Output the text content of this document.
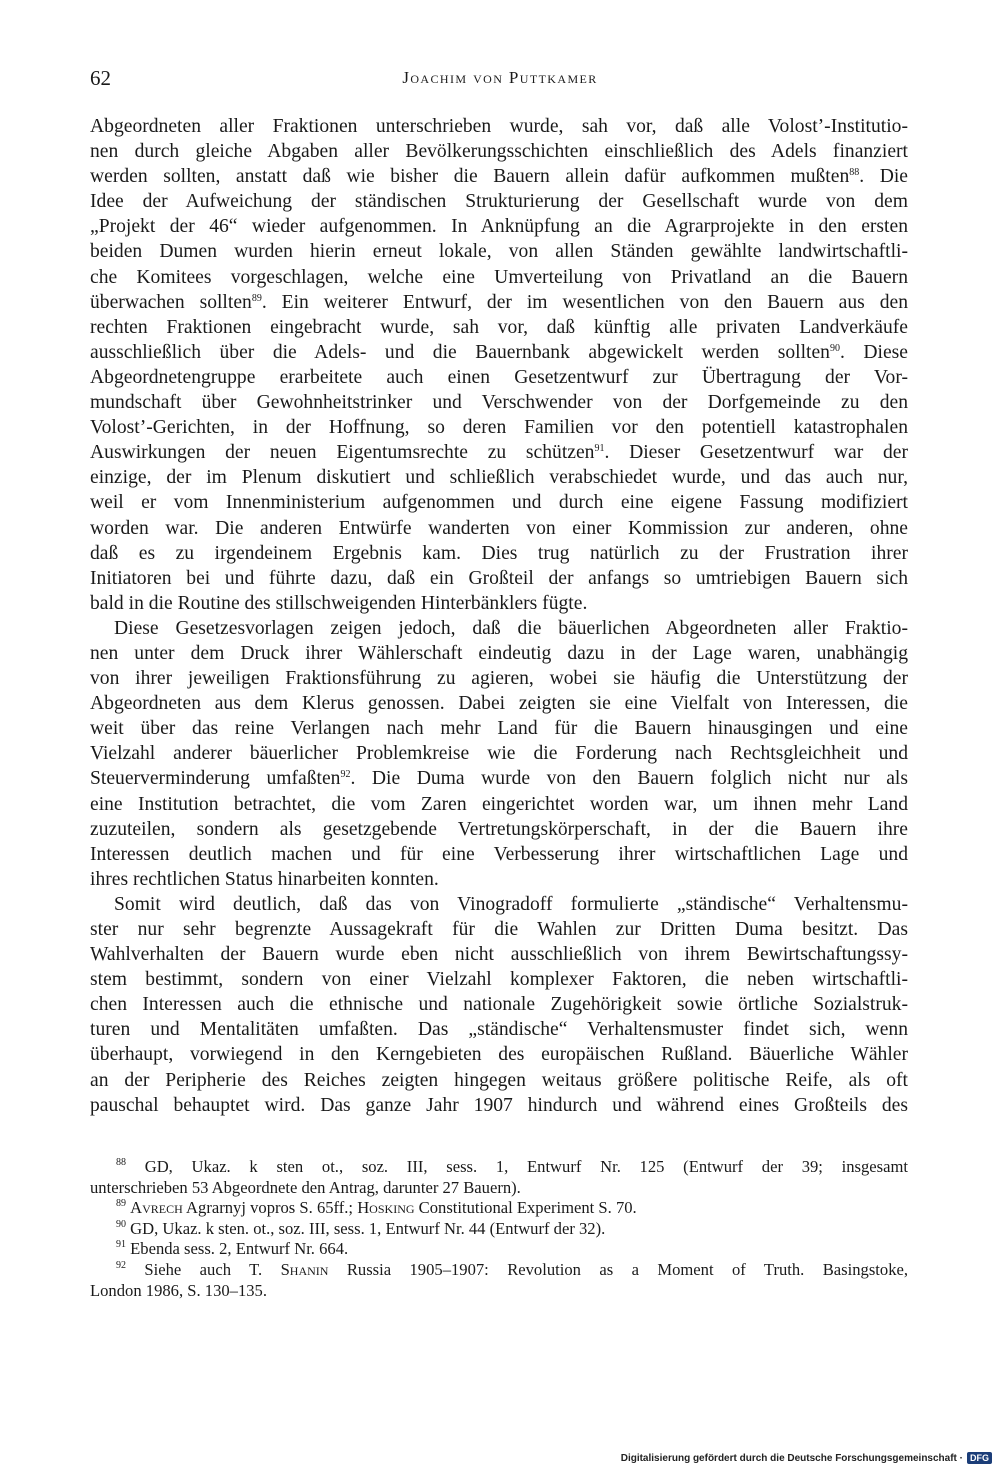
62	Joachim von Puttkamer
Abgeordneten aller Fraktionen unterschrieben wurde, sah vor, daß alle Volost’-Institutio-
nen durch gleiche Abgaben aller Bevölkerungsschichten einschließlich des Adels finanziert
werden sollten, anstatt daß wie bisher die Bauern allein dafür aufkommen mußten$^{88}$. Die
Idee der Aufweichung der ständischen Strukturierung der Gesellschaft wurde von dem
„Projekt der 46“ wieder aufgenommen. In Anknüpfung an die Agrarprojekte in den ersten
beiden Dumen wurden hierin erneut lokale, von allen Ständen gewählte landwirtschaftli-
che Komitees vorgeschlagen, welche eine Umverteilung von Privatland an die Bauern
überwachen sollten$^{89}$. Ein weiterer Entwurf, der im wesentlichen von den Bauern aus den
rechten Fraktionen eingebracht wurde, sah vor, daß künftig alle privaten Landverkäufe
ausschließlich über die Adels- und die Bauernbank abgewickelt werden sollten$^{90}$. Diese
Abgeordnetengruppe erarbeitete auch einen Gesetzentwurf zur Übertragung der Vor-
mundschaft über Gewohnheitstrinker und Verschwender von der Dorfgemeinde zu den
Volost’-Gerichten, in der Hoffnung, so deren Familien vor den potentiell katastrophalen
Auswirkungen der neuen Eigentumsrechte zu schützen$^{91}$. Dieser Gesetzentwurf war der
einzige, der im Plenum diskutiert und schließlich verabschiedet wurde, und das auch nur,
weil er vom Innenministerium aufgenommen und durch eine eigene Fassung modifiziert
worden war. Die anderen Entwürfe wanderten von einer Kommission zur anderen, ohne
daß es zu irgendeinem Ergebnis kam. Dies trug natürlich zu der Frustration ihrer
Initiatoren bei und führte dazu, daß ein Großteil der anfangs so umtriebigen Bauern sich
bald in die Routine des stillschweigenden Hinterbänklers fügte.
Diese Gesetzesvorlagen zeigen jedoch, daß die bäuerlichen Abgeordneten aller Fraktio-
nen unter dem Druck ihrer Wählerschaft eindeutig dazu in der Lage waren, unabhängig
von ihrer jeweiligen Fraktionsführung zu agieren, wobei sie häufig die Unterstützung der
Abgeordneten aus dem Klerus genossen. Dabei zeigten sie eine Vielfalt von Interessen, die
weit über das reine Verlangen nach mehr Land für die Bauern hinausgingen und eine
Vielzahl anderer bäuerlicher Problemkreise wie die Forderung nach Rechtsgleichheit und
Steuerverminderung umfaßten$^{92}$. Die Duma wurde von den Bauern folglich nicht nur als
eine Institution betrachtet, die vom Zaren eingerichtet worden war, um ihnen mehr Land
zuzuteilen, sondern als gesetzgebende Vertretungskörperschaft, in der die Bauern ihre
Interessen deutlich machen und für eine Verbesserung ihrer wirtschaftlichen Lage und
ihres rechtlichen Status hinarbeiten konnten.
Somit wird deutlich, daß das von Vinogradoff formulierte „ständische“ Verhaltensmu-
ster nur sehr begrenzte Aussagekraft für die Wahlen zur Dritten Duma besitzt. Das
Wahlverhalten der Bauern wurde eben nicht ausschließlich von ihrem Bewirtschaftungssy-
stem bestimmt, sondern von einer Vielzahl komplexer Faktoren, die neben wirtschaftli-
chen Interessen auch die ethnische und nationale Zugehörigkeit sowie örtliche Sozialstruk-
turen und Mentalitäten umfaßten. Das „ständische“ Verhaltensmuster findet sich, wenn
überhaupt, vorwiegend in den Kerngebieten des europäischen Rußland. Bäuerliche Wähler
an der Peripherie des Reiches zeigten hingegen weitaus größere politische Reife, als oft
pauschal behauptet wird. Das ganze Jahr 1907 hindurch und während eines Großteils des
$^{88}$ GD, Ukaz. k sten ot., soz. III, sess. 1, Entwurf Nr. 125 (Entwurf der 39; insgesamt
unterschrieben 53 Abgeordnete den Antrag, darunter 27 Bauern).
$^{89}$ Avrech Agrarnyj vopros S. 65ff.; Hosking Constitutional Experiment S. 70.
$^{90}$ GD, Ukaz. k sten. ot., soz. III, sess. 1, Entwurf Nr. 44 (Entwurf der 32).
$^{91}$ Ebenda sess. 2, Entwurf Nr. 664.
$^{92}$ Siehe auch T. Shanin Russia 1905–1907: Revolution as a Moment of Truth. Basingstoke,
London 1986, S. 130–135.
Digitalisierung gefördert durch die Deutsche Forschungsgemeinschaft · DFG
